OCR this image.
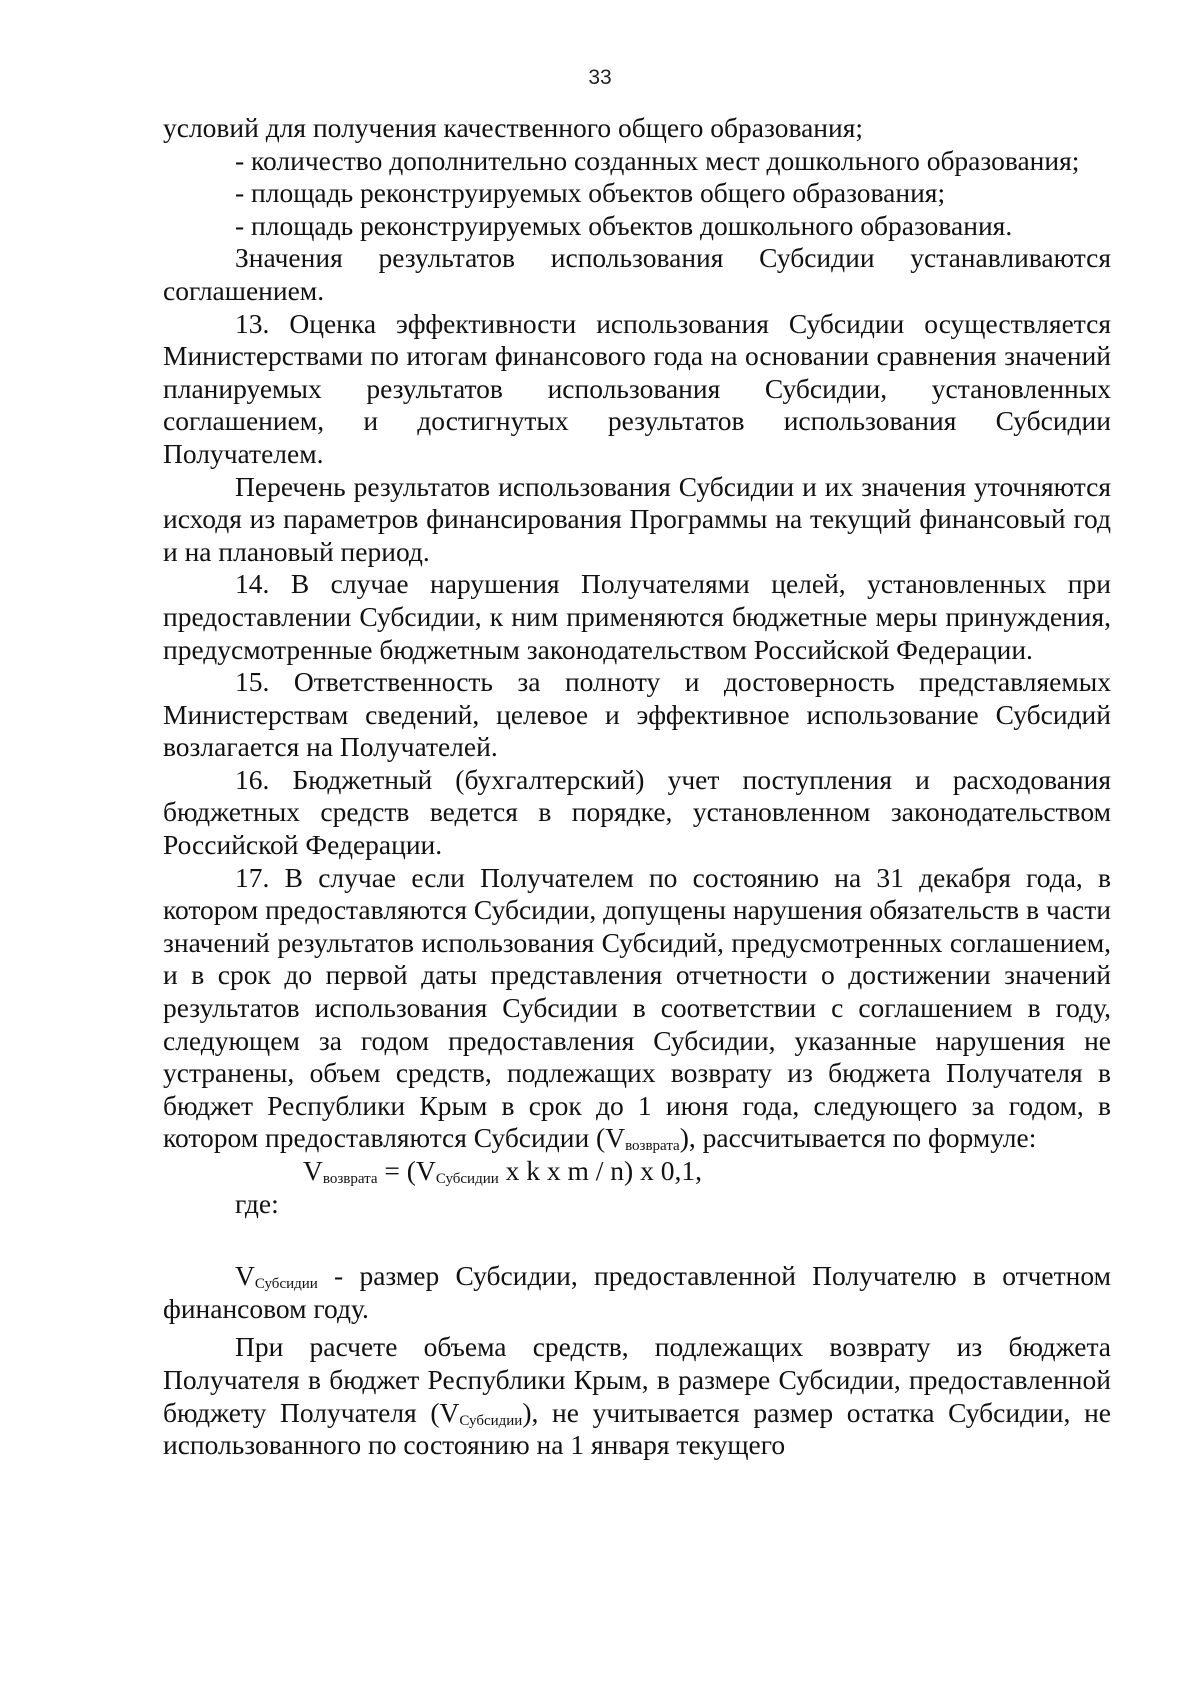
33

условий для получения качественного общего образования;

- количество дополнительно созданных мест дошкольного образования;

- площадь реконструируемых объектов общего образования;

- площадь реконструируемых объектов дошкольного образования.

Значения результатов использования Субсидии устанавливаются соглашением.

13. Оценка эффективности использования Субсидии осуществляется Министерствами по итогам финансового года на основании сравнения значений планируемых результатов использования Субсидии, установленных соглашением, и достигнутых результатов использования Субсидии Получателем.

Перечень результатов использования Субсидии и их значения уточняются исходя из параметров финансирования Программы на текущий финансовый год и на плановый период.

14. В случае нарушения Получателями целей, установленных при предоставлении Субсидии, к ним применяются бюджетные меры принуждения, предусмотренные бюджетным законодательством Российской Федерации.

15. Ответственность за полноту и достоверность представляемых Министерствам сведений, целевое и эффективное использование Субсидий возлагается на Получателей.

16. Бюджетный (бухгалтерский) учет поступления и расходования бюджетных средств ведется в порядке, установленном законодательством Российской Федерации.

17. В случае если Получателем по состоянию на 31 декабря года, в котором предоставляются Субсидии, допущены нарушения обязательств в части значений результатов использования Субсидий, предусмотренных соглашением, и в срок до первой даты представления отчетности о достижении значений результатов использования Субсидии в соответствии с соглашением в году, следующем за годом предоставления Субсидии, указанные нарушения не устранены, объем средств, подлежащих возврату из бюджета Получателя в бюджет Республики Крым в срок до 1 июня года, следующего за годом, в котором предоставляются Субсидии $(V_{возврата})$, рассчитывается по формуле:

$V_{возврата} = (V_{Субсидии}$ x k x m / n) x 0,1,

где:

$V_{Субсидии}$ - размер Субсидии, предоставленной Получателю в отчетном финансовом году.

При расчете объема средств, подлежащих возврату из бюджета Получателя в бюджет Республики Крым, в размере Субсидии, предоставленной бюджету Получателя $(V_{Субсидии})$, не учитывается размер остатка Субсидии, не использованного по состоянию на 1 января текущего
